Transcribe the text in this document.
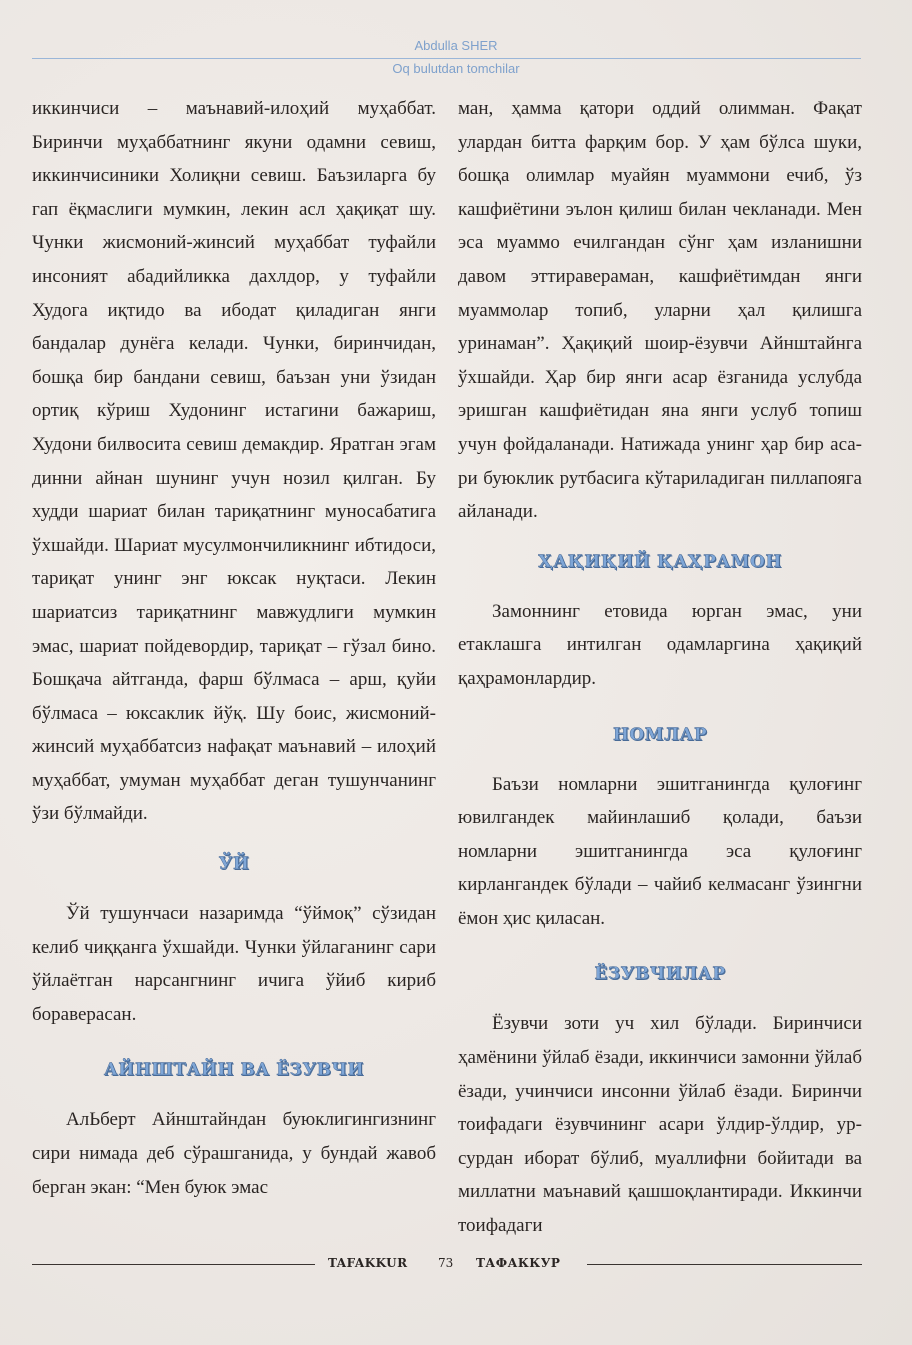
Abdulla SHER
Oq bulutdan tomchilar

иккинчиси – маънавий-илоҳий муҳаббат. Биринчи муҳаббатнинг якуни одамни севиш, иккинчисиники Холиқни севиш. Баъзиларга бу гап ёқмаслиги мумкин, лекин асл ҳақиқат шу. Чунки жисмоний-жинсий муҳаббат туфайли инсоният абадийликка дахлдор, у туфайли Худога иқтидо ва ибодат қиладиган янги бандалар дунёга келади. Чунки, биринчидан, бошқа бир бандани севиш, баъзан уни ўзидан ортиқ кўриш Худонинг истагини бажариш, Худони билвосита севиш демакдир. Яратган эгам динни айнан шунинг учун нозил қилган. Бу худди шариат билан тариқатнинг муносабатига ўхшайди. Шариат мусулмончиликнинг ибтидоси, тариқат унинг энг юксак нуқтаси. Лекин шариатсиз тариқатнинг мавжудлиги мумкин эмас, шариат пойдевордир, тариқат – гўзал бино. Бошқача айтганда, фарш бўлмаса – арш, қуйи бўлмаса – юксаклик йўқ. Шу боис, жисмоний-жинсий муҳаббатсиз нафақат маънавий – илоҳий муҳаббат, умуман муҳаббат деган тушунчанинг ўзи бўлмайди.

ЎЙ

Ўй тушунчаси назаримда “ўймоқ” сўзидан келиб чиққанга ўхшайди. Чунки ўйлаганинг сари ўйлаётган нарсангнинг ичига ўйиб кириб бораверасан.

АЙНШТАЙН ВА ЁЗУВЧИ

АлЬберт Айнштайндан буюклигингизнинг сири нимада деб сўрашганида, у бундай жавоб берган экан: “Мен буюк эмас

ман, ҳамма қатори оддий олимман. Фақат улардан битта фарқим бор. У ҳам бўлса шуки, бошқа олимлар муайян муаммони ечиб, ўз кашфиётини эълон қилиш билан чекланади. Мен эса муаммо ечилгандан сўнг ҳам изланишни давом эттираверaман, кашфиётимдан янги муаммолар топиб, уларни ҳал қилишга уринаман”. Ҳақиқий шоир-ёзувчи Айнштайнга ўхшайди. Ҳар бир янги асар ёзганида услубда эришган кашфиётидан яна янги услуб топиш учун фойдаланади. Натижада унинг ҳар бир асари буюклик рутбасига кўтариладиган пиллапояга айланади.

ҲАҚИҚИЙ ҚАҲРАМОН

Замоннинг етовида юрган эмас, уни етаклашга интилган одамларгина ҳақиқий қаҳрамонлардир.

НОМЛАР

Баъзи номларни эшитганингда қулоғинг ювилгандек майинлашиб қолади, баъзи номларни эшитганингда эса қулоғинг кирлангандек бўлади – чайиб келмасанг ўзингни ёмон ҳис қиласан.

ЁЗУВЧИЛАР

Ёзувчи зоти уч хил бўлади. Биринчиси ҳамёнини ўйлаб ёзади, иккинчиси замонни ўйлаб ёзади, учинчиси инсонни ўйлаб ёзади. Биринчи тоифадаги ёзувчининг асари ўлдир-ўлдир, ур-сурдан иборат бўлиб, муаллифни бойитади ва миллатни маънавий қашшоқлантиради. Иккинчи тоифадаги

TAFAKKUR	73 ТАФАККУР
